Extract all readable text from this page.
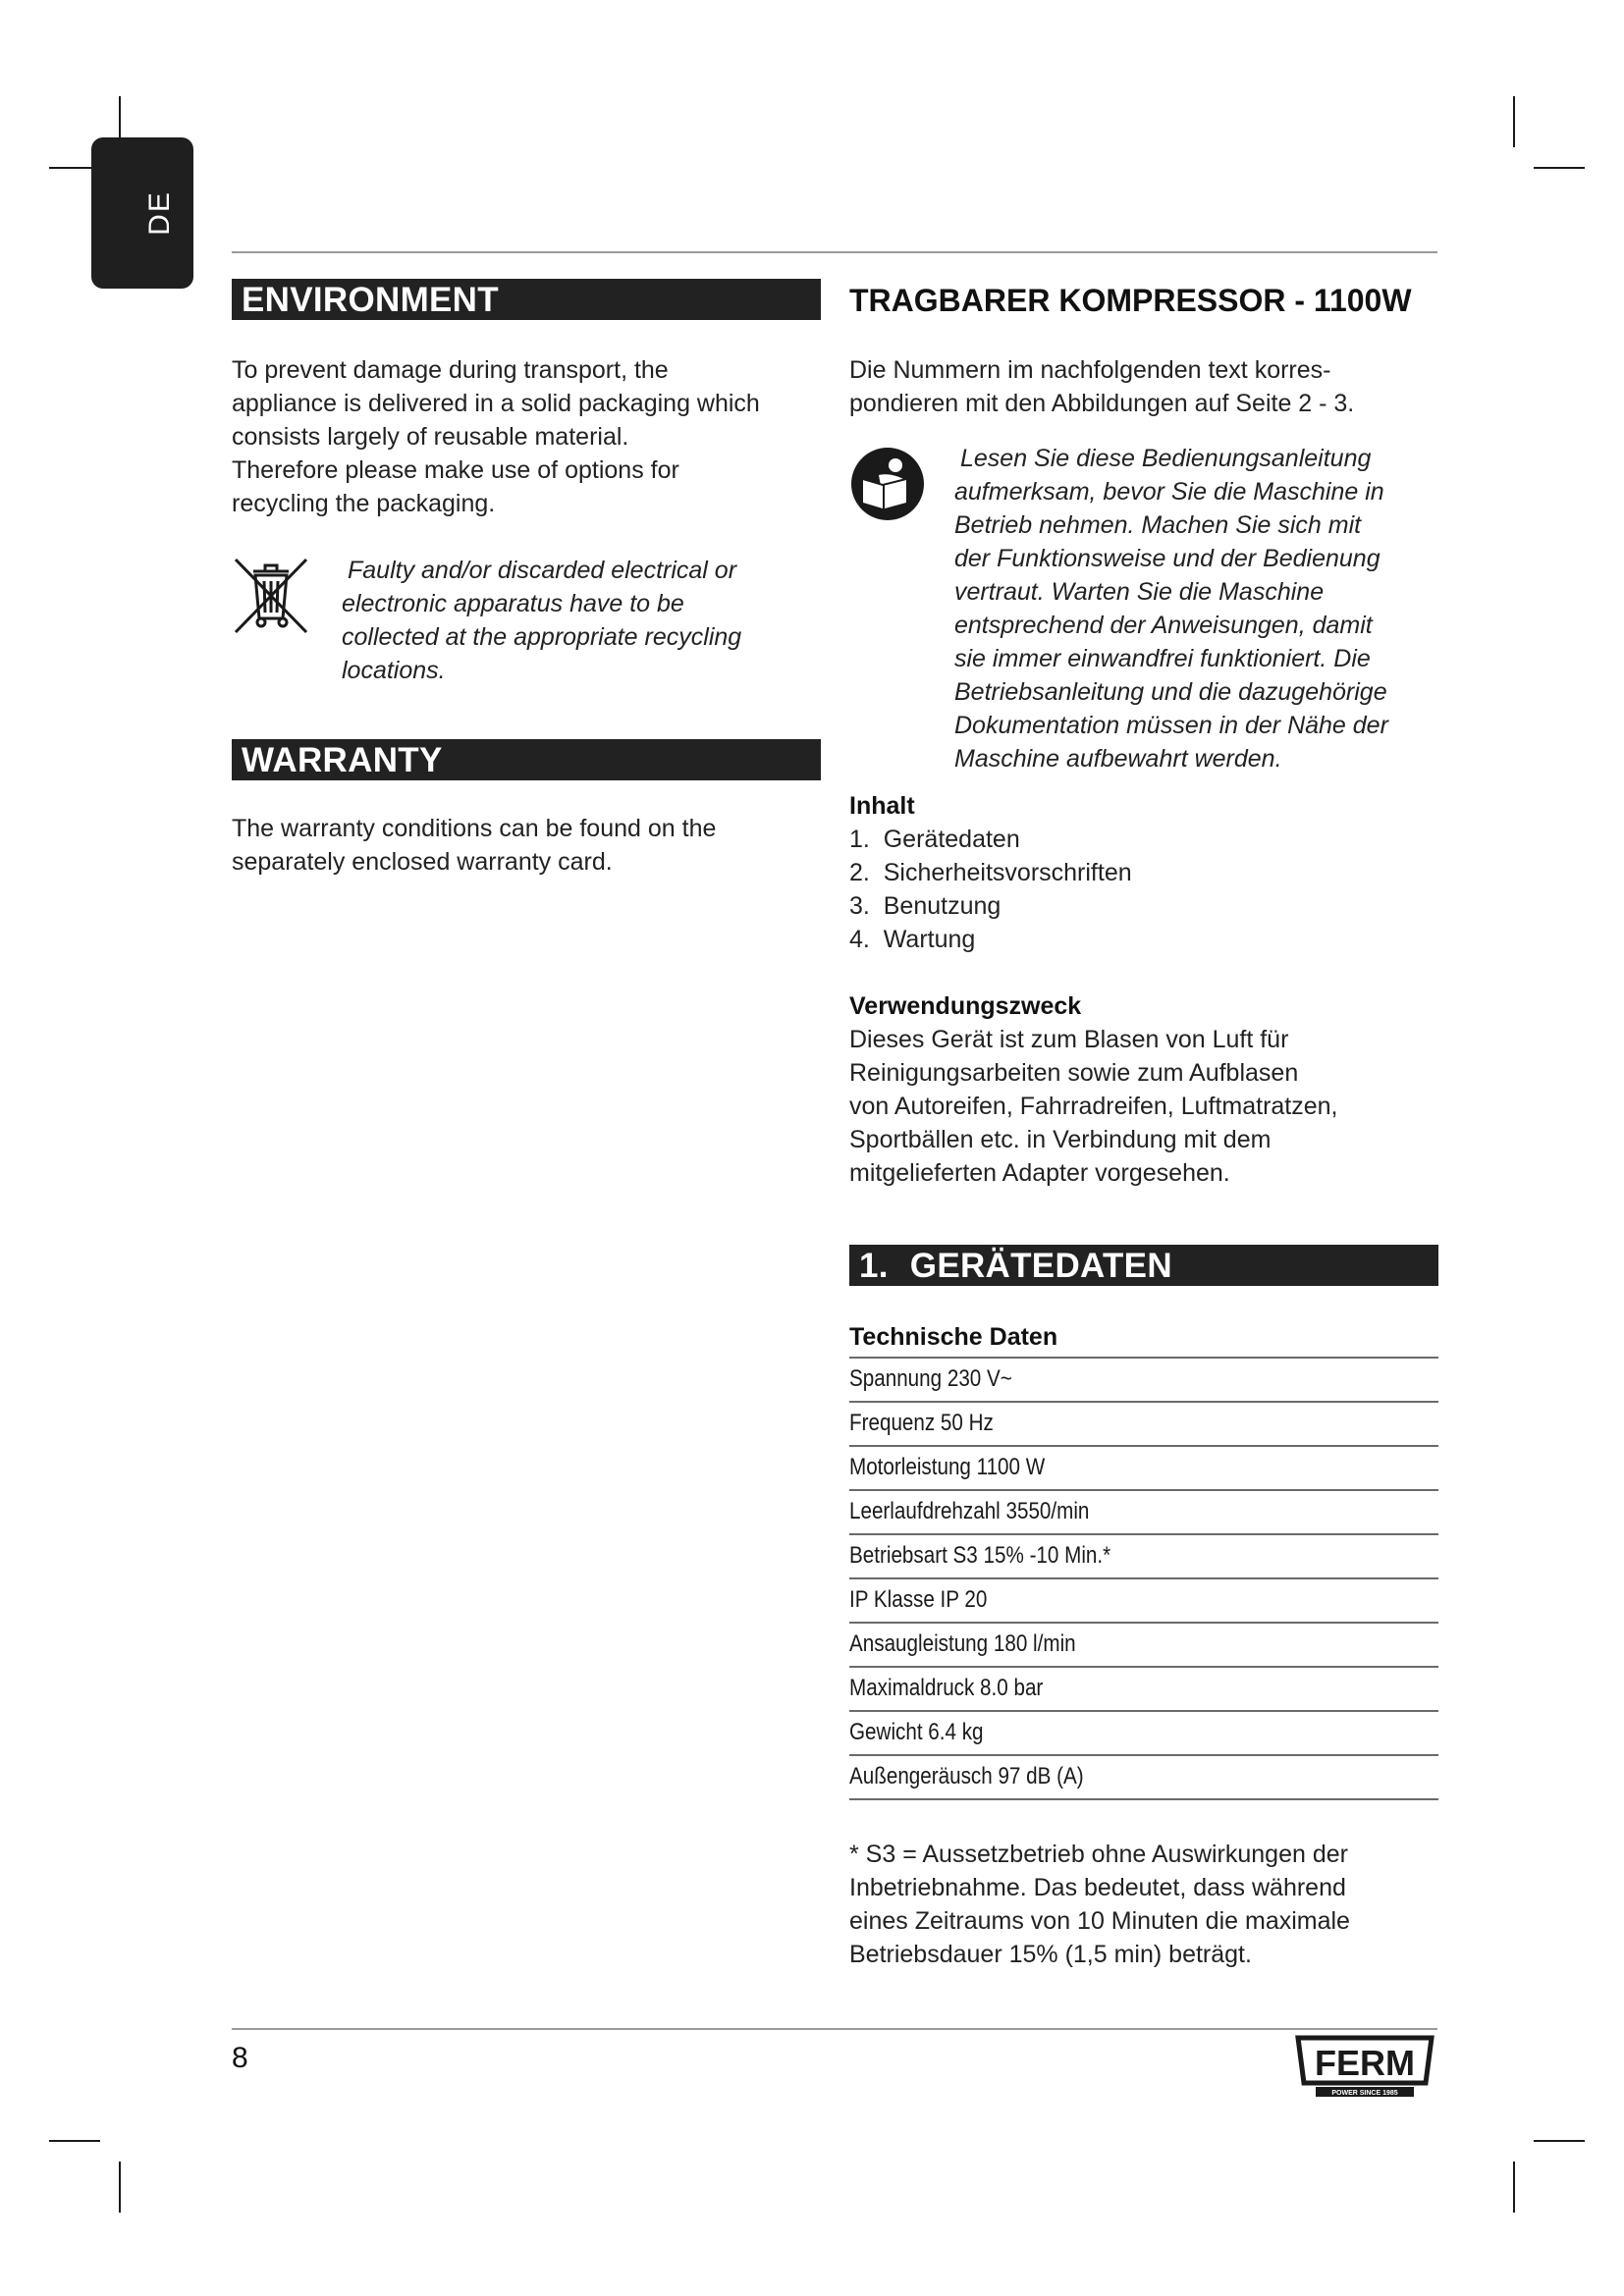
DE
ENVIRONMENT

To prevent damage during transport, the

appliance is delivered in a solid packaging which

consists largely of reusable material.

Therefore please make use of options for

recycling the packaging.

Faulty and/or discarded electrical or

electronic apparatus have to be

collected at the appropriate recycling

locations.

WARRANTY

The warranty conditions can be found on the

separately enclosed warranty card.

TRAGBARER KOMPRESSOR - 1100W

Die Nummern im nachfolgenden text korres-

pondieren mit den Abbildungen auf Seite 2 - 3.

Lesen Sie diese Bedienungsanleitung

aufmerksam, bevor Sie die Maschine in

Betrieb nehmen. Machen Sie sich mit

der Funktionsweise und der Bedienung

vertraut. Warten Sie die Maschine

entsprechend der Anweisungen, damit

sie immer einwandfrei funktioniert. Die

Betriebsanleitung und die dazugehörige

Dokumentation müssen in der Nähe der

Maschine aufbewahrt werden.

Inhalt

1.  Gerätedaten

2.  Sicherheitsvorschriften

3.  Benutzung

4.  Wartung

Verwendungszweck

Dieses Gerät ist zum Blasen von Luft für

Reinigungsarbeiten sowie zum Aufblasen

von Autoreifen, Fahrradreifen, Luftmatratzen,

Sportbällen etc. in Verbindung mit dem

mitgelieferten Adapter vorgesehen.

1. GERÄTEDATEN
Technische Daten
Spannung 230 V~
Frequenz 50 Hz
Motorleistung 1100 W
Leerlaufdrehzahl 3550/min
Betriebsart S3 15% -10 Min.*
IP Klasse IP 20
Ansaugleistung 180 l/min
Maximaldruck 8.0 bar
Gewicht 6.4 kg
Außengeräusch 97 dB (A)

* S3 = Aussetzbetrieb ohne Auswirkungen der

Inbetriebnahme. Das bedeutet, dass während

eines Zeitraums von 10 Minuten die maximale

Betriebsdauer 15% (1,5 min) beträgt.

8	FERM
POWER SINCE 1985
